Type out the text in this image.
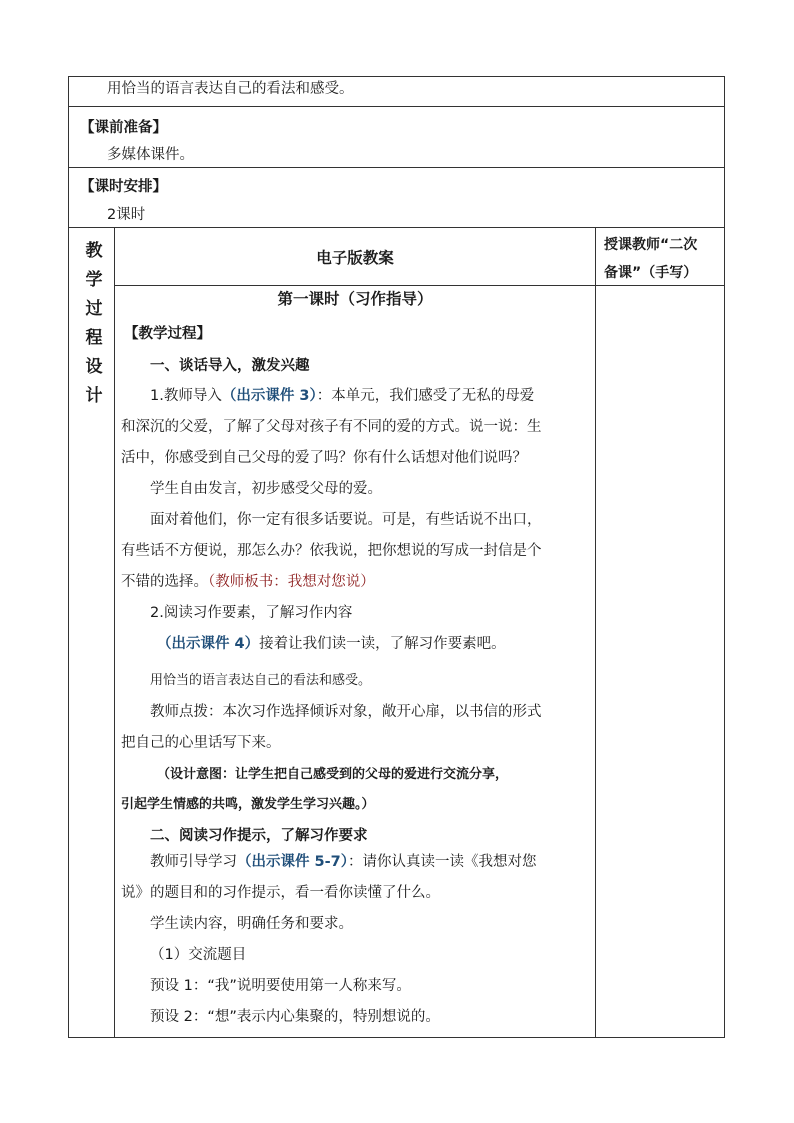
用恰当的语言表达自己的看法和感受。
【课前准备】
多媒体课件。
【课时安排】
2课时
教
学
过
程
设
计
电子版教案
授课教师“二次
备课”（手写）
第一课时（习作指导）
【教学过程】
一、谈话导入，激发兴趣
1.教师导入（出示课件 3）：本单元，我们感受了无私的母爱
和深沉的父爱，了解了父母对孩子有不同的爱的方式。说一说：生
活中，你感受到自己父母的爱了吗？你有什么话想对他们说吗？
学生自由发言，初步感受父母的爱。
面对着他们，你一定有很多话要说。可是，有些话说不出口，
有些话不方便说，那怎么办？依我说，把你想说的写成一封信是个
不错的选择。（教师板书：我想对您说）
2.阅读习作要素，了解习作内容
（出示课件 4）接着让我们读一读，了解习作要素吧。
用恰当的语言表达自己的看法和感受。
教师点拨：本次习作选择倾诉对象，敞开心扉，以书信的形式
把自己的心里话写下来。
（设计意图：让学生把自己感受到的父母的爱进行交流分享，
引起学生情感的共鸣，激发学生学习兴趣。）
二、阅读习作提示，了解习作要求
教师引导学习（出示课件 5-7）：请你认真读一读《我想对您
说》的题目和的习作提示，看一看你读懂了什么。
学生读内容，明确任务和要求。
（1）交流题目
预设 1：“我”说明要使用第一人称来写。
预设 2：“想”表示内心集聚的，特别想说的。
